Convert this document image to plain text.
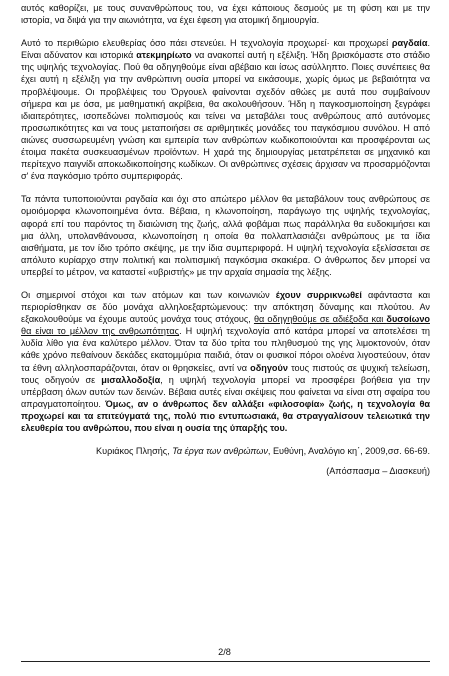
αυτός καθορίζει, με τους συνανθρώπους του, να έχει κάποιους δεσμούς με τη φύση και με την ιστορία, να διψά για την αιωνιότητα, να έχει έφεση για ατομική δημιουργία.

Αυτό το περιθώριο ελευθερίας όσο πάει στενεύει. Η τεχνολογία προχωρεί· και προχωρεί ραγδαία. Είναι αδύνατον και ιστορικά ατεκμηρίωτο να ανακοπεί αυτή η εξέλιξη. Ήδη βρισκόμαστε στο στάδιο της υψηλής τεχνολογίας. Πού θα οδηγηθούμε είναι αβέβαιο και ίσως ασύλληπτο. Ποιες συνέπειες θα έχει αυτή η εξέλιξη για την ανθρώπινη ουσία μπορεί να εικάσουμε, χωρίς όμως με βεβαιότητα να προβλέψουμε. Οι προβλέψεις του Όργουελ φαίνονται σχεδόν αθώες με αυτά που συμβαίνουν σήμερα και με όσα, με μαθηματική ακρίβεια, θα ακολουθήσουν. Ήδη η παγκοσμιοποίηση ξεγράφει ιδιαιτερότητες, ισοπεδώνει πολιτισμούς και τείνει να μεταβάλει τους ανθρώπους από αυτόνομες προσωπικότητες και να τους μεταποιήσει σε αριθμητικές μονάδες του παγκόσμιου συνόλου. Η από αιώνες συσσωρευμένη γνώση και εμπειρία των ανθρώπων κωδικοποιούνται και προσφέρονται ως έτοιμα πακέτα συσκευασμένων προϊόντων. Η χαρά της δημιουργίας μετατρέπεται σε μηχανικό και περίτεχνο παιγνίδι αποκωδικοποίησης κωδίκων. Οι ανθρώπινες σχέσεις άρχισαν να προσαρμόζονται σ' ένα παγκόσμιο τρόπο συμπεριφοράς.

Τα πάντα τυποποιούνται ραγδαία και όχι στο απώτερο μέλλον θα μεταβάλουν τους ανθρώπους σε ομοιόμορφα κλωνοποιημένα όντα. Βέβαια, η κλωνοποίηση, παράγωγο της υψηλής τεχνολογίας, αφορά επί του παρόντος τη διαιώνιση της ζωής, αλλά φοβάμαι πως παράλληλα θα ευδοκιμήσει και μια άλλη, υπολανθάνουσα, κλωνοποίηση η οποία θα πολλαπλασιάζει ανθρώπους με τα ίδια αισθήματα, με τον ίδιο τρόπο σκέψης, με την ίδια συμπεριφορά. Η υψηλή τεχνολογία εξελίσσεται σε απόλυτο κυρίαρχο στην πολιτική και πολιτισμική παγκόσμια σκακιέρα. Ο άνθρωπος δεν μπορεί να υπερβεί το μέτρον, να καταστεί «υβριστής» με την αρχαία σημασία της λέξης.

Οι σημερινοί στόχοι και των ατόμων και των κοινωνιών έχουν συρρικνωθεί αφάνταστα και περιορίσθηκαν σε δύο μονάχα αλληλοεξαρτώμενους: την απόκτηση δύναμης και πλούτου. Αν εξακολουθούμε να έχουμε αυτούς μονάχα τους στόχους, θα οδηγηθούμε σε αδιέξοδα και δυσοίωνο θα είναι το μέλλον της ανθρωπότητας. Η υψηλή τεχνολογία από κατάρα μπορεί να αποτελέσει τη λυδία λίθο για ένα καλύτερο μέλλον. Όταν τα δύο τρίτα του πληθυσμού της γης λιμοκτονούν, όταν κάθε χρόνο πεθαίνουν δεκάδες εκατομμύρια παιδιά, όταν οι φυσικοί πόροι ολοένα λιγοστεύουν, όταν τα έθνη αλληλοσπαράζονται, όταν οι θρησκείες, αντί να οδηγούν τους πιστούς σε ψυχική τελείωση, τους οδηγούν σε μισαλλοδοξία, η υψηλή τεχνολογία μπορεί να προσφέρει βοήθεια για την υπέρβαση όλων αυτών των δεινών. Βέβαια αυτές είναι σκέψεις που φαίνεται να είναι στη σφαίρα του απραγματοποίητου. Όμως, αν ο άνθρωπος δεν αλλάξει «φιλοσοφία» ζωής, η τεχνολογία θα προχωρεί και τα επιτεύγματά της, πολύ πιο εντυπωσιακά, θα στραγγαλίσουν τελειωτικά την ελευθερία του ανθρώπου, που είναι η ουσία της ύπαρξής του.

Κυριάκος Πλησής, Τα έργα των ανθρώπων, Ευθύνη, Αναλόγιο κη΄, 2009,σσ. 66-69.

(Απόσπασμα – Διασκευή)

2/8
